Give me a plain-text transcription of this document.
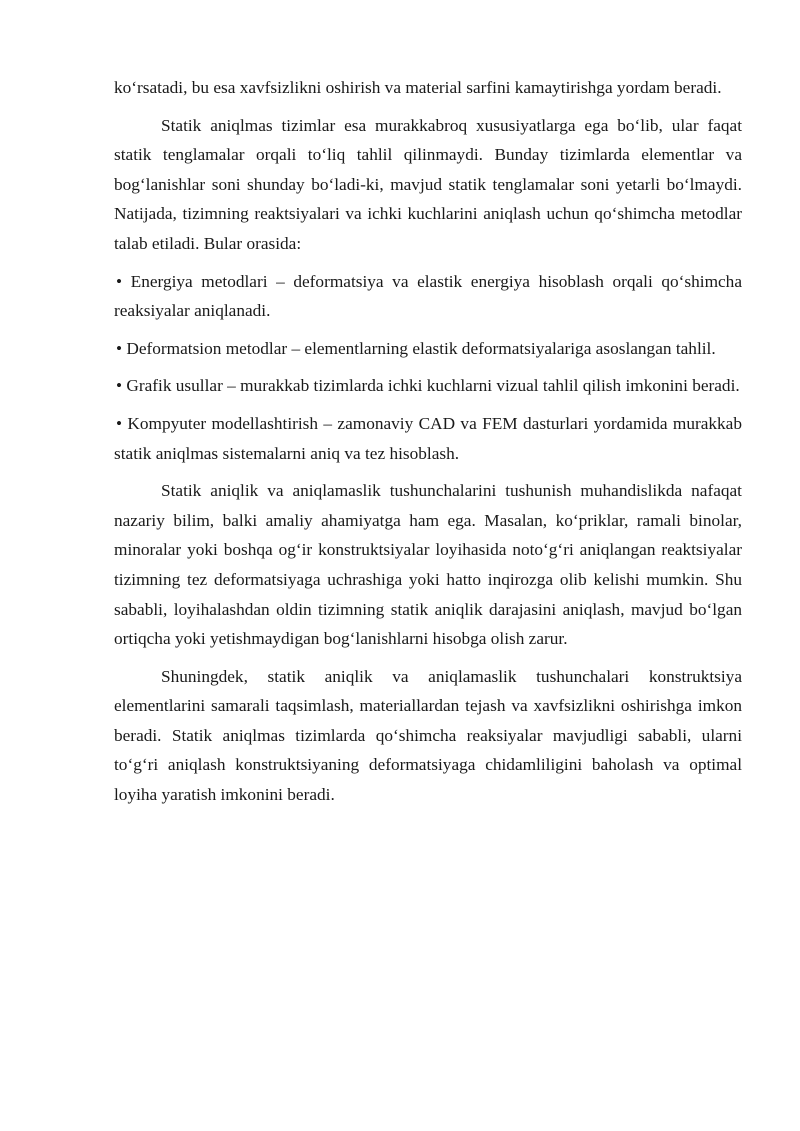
ko‘rsatadi, bu esa xavfsizlikni oshirish va material sarfini kamaytirishga yordam beradi.

Statik aniqlmas tizimlar esa murakkabroq xususiyatlarga ega bo‘lib, ular faqat statik tenglamalar orqali to‘liq tahlil qilinmaydi. Bunday tizimlarda elementlar va bog‘lanishlar soni shunday bo‘ladi-ki, mavjud statik tenglamalar soni yetarli bo‘lmaydi. Natijada, tizimning reaktsiyalari va ichki kuchlarini aniqlash uchun qo‘shimcha metodlar talab etiladi. Bular orasida:

• Energiya metodlari – deformatsiya va elastik energiya hisoblash orqali qo‘shimcha reaksiyalar aniqlanadi.

• Deformatsion metodlar – elementlarning elastik deformatsiyalariga asoslangan tahlil.

• Grafik usullar – murakkab tizimlarda ichki kuchlarni vizual tahlil qilish imkonini beradi.

• Kompyuter modellashtirish – zamonaviy CAD va FEM dasturlari yordamida murakkab statik aniqlmas sistemalarni aniq va tez hisoblash.

Statik aniqlik va aniqlamaslik tushunchalarini tushunish muhandislikda nafaqat nazariy bilim, balki amaliy ahamiyatga ham ega. Masalan, ko‘priklar, ramali binolar, minoralar yoki boshqa og‘ir konstruktsiyalar loyihasida noto‘g‘ri aniqlangan reaktsiyalar tizimning tez deformatsiyaga uchrashiga yoki hatto inqirozga olib kelishi mumkin. Shu sababli, loyihalashdan oldin tizimning statik aniqlik darajasini aniqlash, mavjud bo‘lgan ortiqcha yoki yetishmaydigan bog‘lanishlarni hisobga olish zarur.

Shuningdek, statik aniqlik va aniqlamaslik tushunchalari konstruktsiya elementlarini samarali taqsimlash, materiallardan tejash va xavfsizlikni oshirishga imkon beradi. Statik aniqlmas tizimlarda qo‘shimcha reaksiyalar mavjudligi sababli, ularni to‘g‘ri aniqlash konstruktsiyaning deformatsiyaga chidamliligini baholash va optimal loyiha yaratish imkonini beradi.
